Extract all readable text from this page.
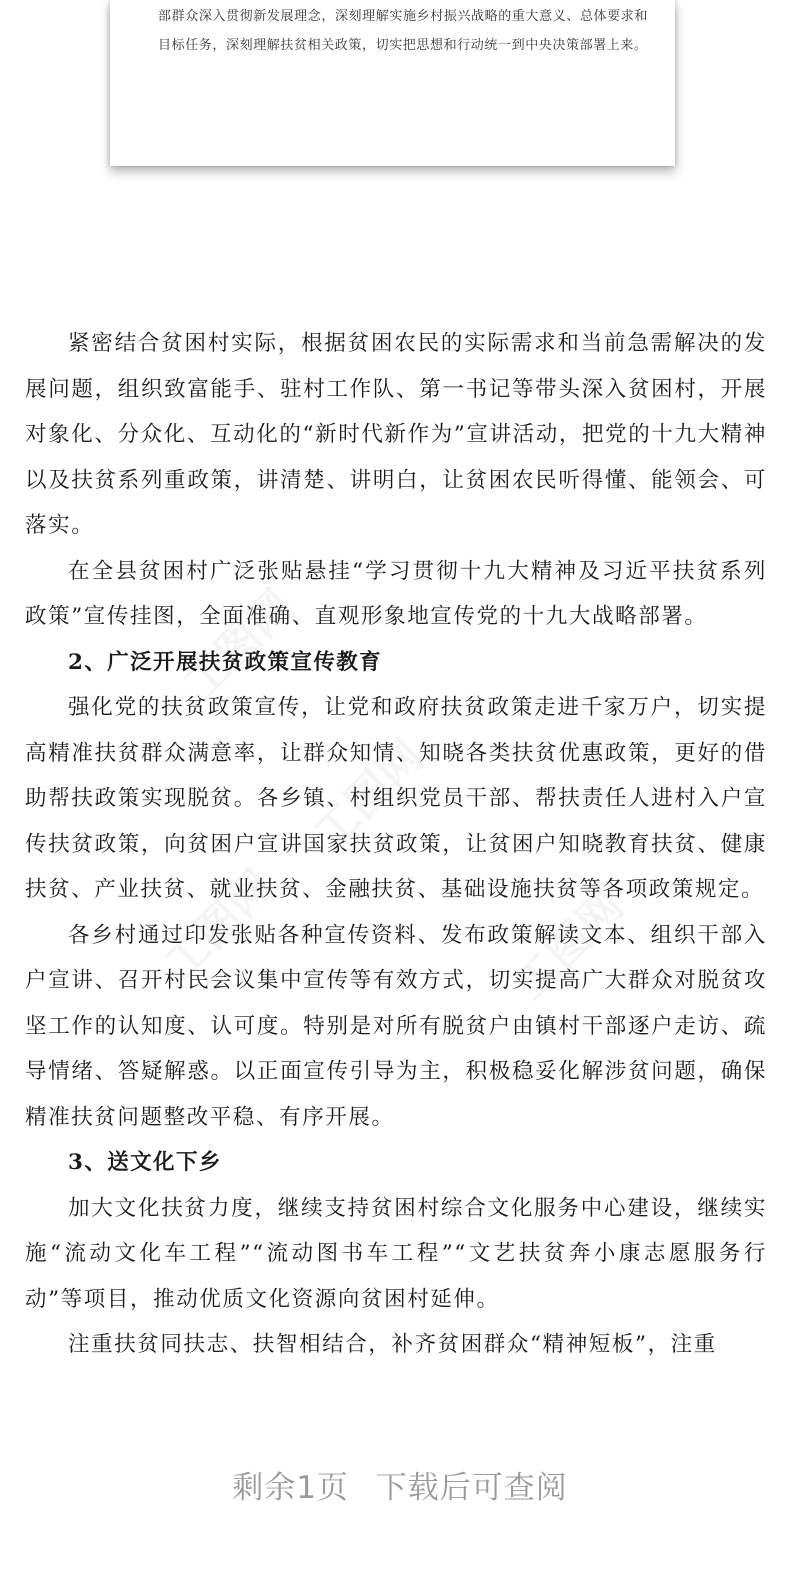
部群众深入贯彻新发展理念，深刻理解实施乡村振兴战略的重大意义、总体要求和目标任务，深刻理解扶贫相关政策，切实把思想和行动统一到中央决策部署上来。

紧密结合贫困村实际，根据贫困农民的实际需求和当前急需解决的发展问题，组织致富能手、驻村工作队、第一书记等带头深入贫困村，开展对象化、分众化、互动化的“新时代新作为”宣讲活动，把党的十九大精神以及扶贫系列重政策，讲清楚、讲明白，让贫困农民听得懂、能领会、可落实。

在全县贫困村广泛张贴悬挂“学习贯彻十九大精神及习近平扶贫系列政策”宣传挂图，全面准确、直观形象地宣传党的十九大战略部署。

2、广泛开展扶贫政策宣传教育

强化党的扶贫政策宣传，让党和政府扶贫政策走进千家万户，切实提高精准扶贫群众满意率，让群众知情、知晓各类扶贫优惠政策，更好的借助帮扶政策实现脱贫。各乡镇、村组织党员干部、帮扶责任人进村入户宣传扶贫政策，向贫困户宣讲国家扶贫政策，让贫困户知晓教育扶贫、健康扶贫、产业扶贫、就业扶贫、金融扶贫、基础设施扶贫等各项政策规定。

各乡村通过印发张贴各种宣传资料、发布政策解读文本、组织干部入户宣讲、召开村民会议集中宣传等有效方式，切实提高广大群众对脱贫攻坚工作的认知度、认可度。特别是对所有脱贫户由镇村干部逐户走访、疏导情绪、答疑解惑。以正面宣传引导为主，积极稳妥化解涉贫问题，确保精准扶贫问题整改平稳、有序开展。

3、送文化下乡

加大文化扶贫力度，继续支持贫困村综合文化服务中心建设，继续实施“流动文化车工程”“流动图书车工程”“文艺扶贫奔小康志愿服务行动”等项目，推动优质文化资源向贫困村延伸。

注重扶贫同扶志、扶智相结合，补齐贫困群众“精神短板”，注重

剩余1页 下载后可查阅
